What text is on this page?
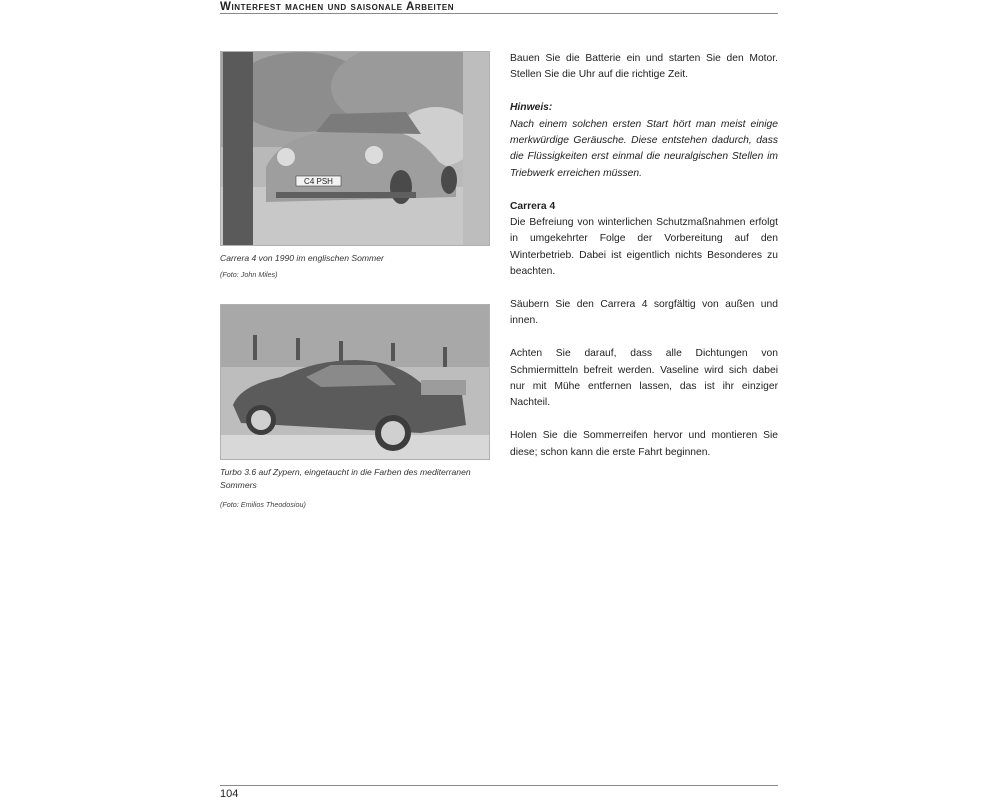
Winterfest machen und saisonale Arbeiten
C4 PSH
Carrera 4 von 1990 im englischen Sommer
(Foto: John Miles)
Turbo 3.6 auf Zypern, eingetaucht in die Farben des mediterranen Sommers
(Foto: Emilios Theodosiou)

Bauen Sie die Batterie ein und starten Sie den Motor. Stellen Sie die Uhr auf die richtige Zeit.

Hinweis:

Nach einem solchen ersten Start hört man meist einige merkwürdige Geräusche. Diese entstehen dadurch, dass die Flüssigkeiten erst einmal die neuralgischen Stellen im Triebwerk erreichen müssen.

Carrera 4

Die Befreiung von winterlichen Schutzmaßnahmen erfolgt in umgekehrter Folge der Vorbereitung auf den Winterbetrieb. Dabei ist eigentlich nichts Besonderes zu beachten.

Säubern Sie den Carrera 4 sorgfältig von außen und innen.

Achten Sie darauf, dass alle Dichtungen von Schmiermitteln befreit werden. Vaseline wird sich dabei nur mit Mühe entfernen lassen, das ist ihr einziger Nachteil.

Holen Sie die Sommerreifen hervor und montieren Sie diese; schon kann die erste Fahrt beginnen.

104
